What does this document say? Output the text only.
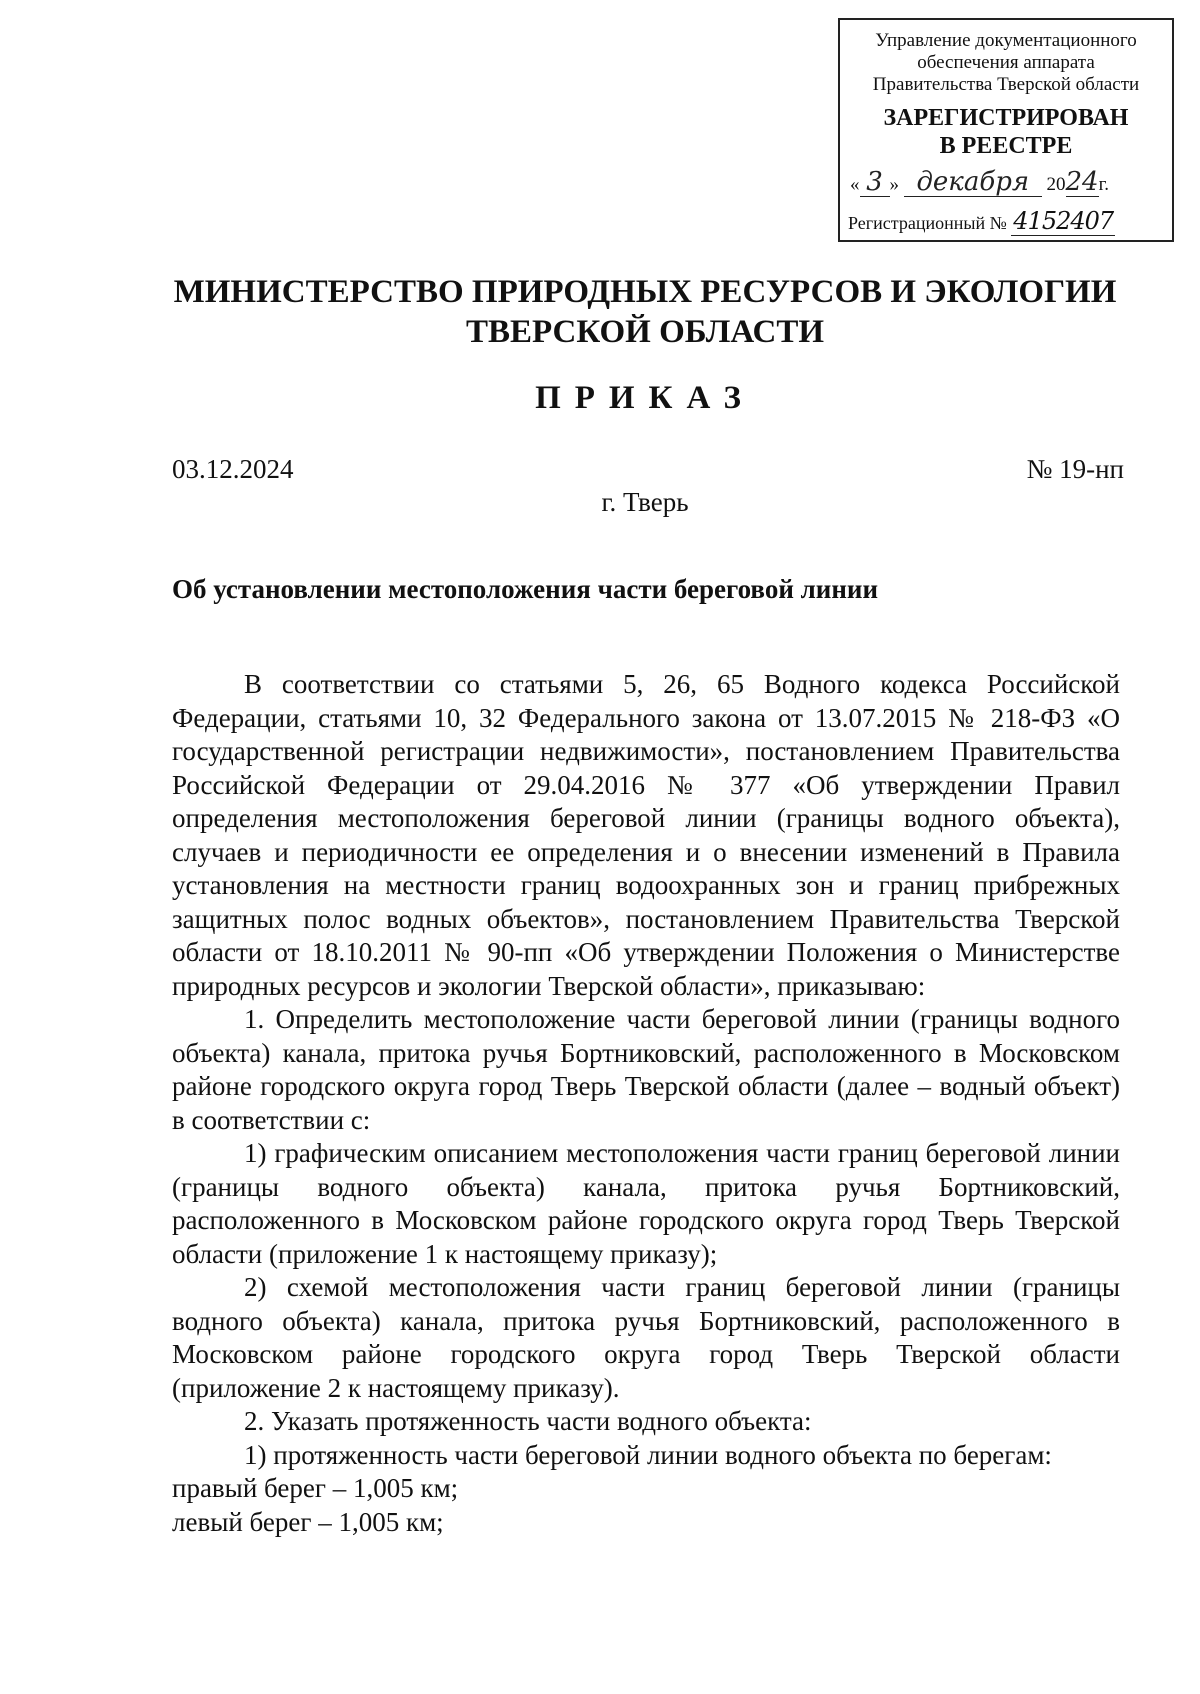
Управление документационного
обеспечения аппарата
Правительства Тверской области
ЗАРЕГИСТРИРОВАН
В РЕЕСТРЕ
« 3 » декабря 2024г.
Регистрационный № 4152407
МИНИСТЕРСТВО ПРИРОДНЫХ РЕСУРСОВ И ЭКОЛОГИИ
ТВЕРСКОЙ ОБЛАСТИ
ПРИКАЗ
03.12.2024	№ 19-нп
г. Тверь
Об установлении местоположения части береговой линии

В соответствии со статьями 5, 26, 65 Водного кодекса Российской Федерации, статьями 10, 32 Федерального закона от 13.07.2015 № 218-ФЗ «О государственной регистрации недвижимости», постановлением Правительства Российской Федерации от 29.04.2016 № 377 «Об утверждении Правил определения местоположения береговой линии (границы водного объекта), случаев и периодичности ее определения и о внесении изменений в Правила установления на местности границ водоохранных зон и границ прибрежных защитных полос водных объектов», постановлением Правительства Тверской области от 18.10.2011 № 90-пп «Об утверждении Положения о Министерстве природных ресурсов и экологии Тверской области», приказываю:

1. Определить местоположение части береговой линии (границы водного объекта) канала, притока ручья Бортниковский, расположенного в Московском районе городского округа город Тверь Тверской области (далее – водный объект) в соответствии с:

1) графическим описанием местоположения части границ береговой линии (границы водного объекта) канала, притока ручья Бортниковский, расположенного в Московском районе городского округа город Тверь Тверской области (приложение 1 к настоящему приказу);

2) схемой местоположения части границ береговой линии (границы водного объекта) канала, притока ручья Бортниковский, расположенного в Московском районе городского округа город Тверь Тверской области (приложение 2 к настоящему приказу).

2. Указать протяженность части водного объекта:

1) протяженность части береговой линии водного объекта по берегам:

правый берег – 1,005 км;

левый берег – 1,005 км;
